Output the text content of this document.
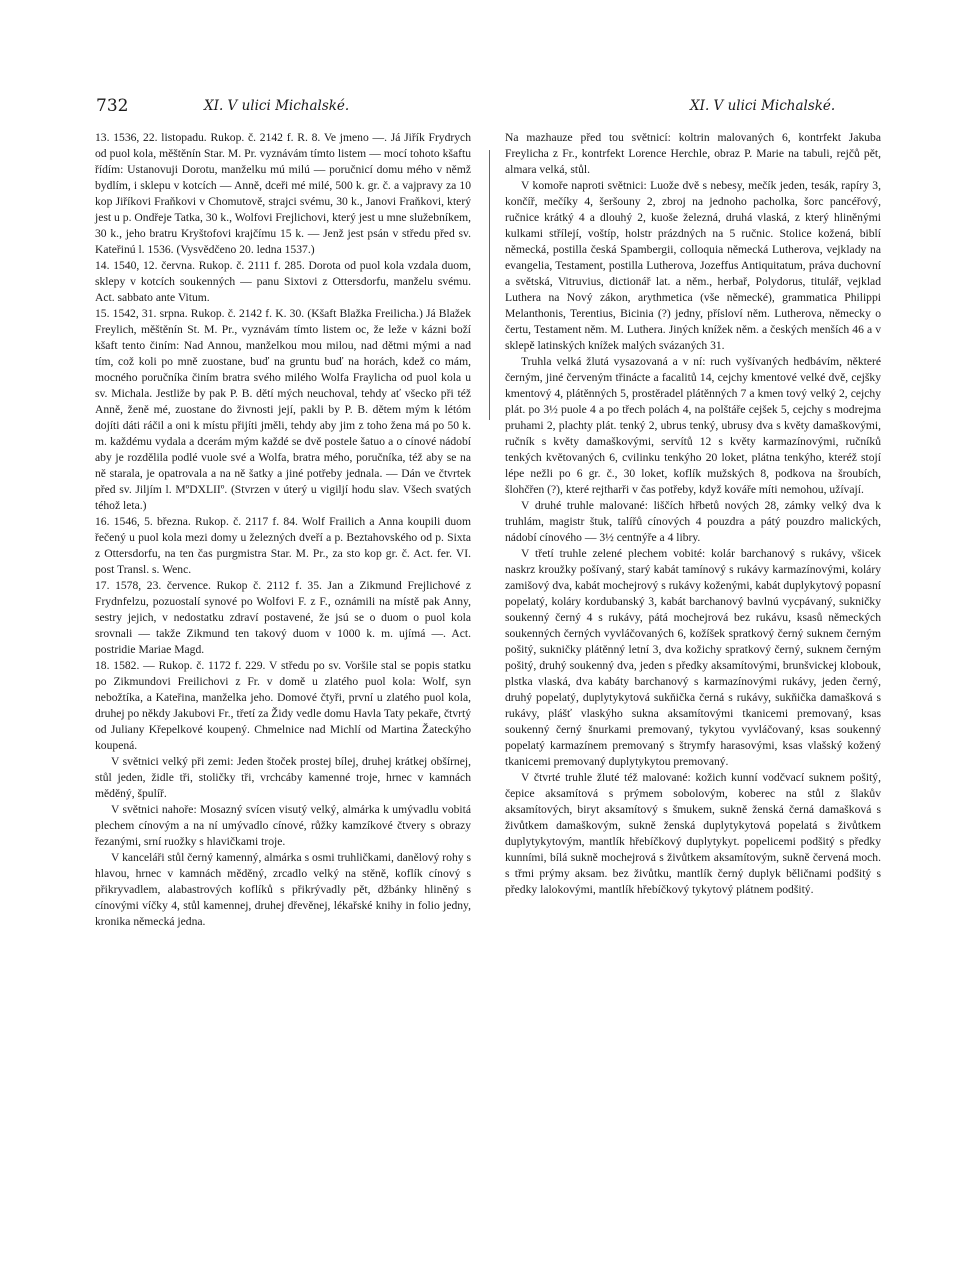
732	XI. V ulici Michalské.	XI. V ulici Michalské.

13. 1536, 22. listopadu. Rukop. č. 2142 f. R. 8. Ve jmeno —. Já Jiřík Frydrych od puol kola, měštěnín Star. M. Pr. vyznávám tímto listem — mocí tohoto kšaftu řídím: Ustanovuji Dorotu, manželku mú milú — poručnicí domu mého v němž bydlím, i sklepu v kotcích — Anně, dceři mé milé, 500 k. gr. č. a vajpravy za 10 kop Jiříkovi Fraňkovi v Chomutově, strajci svému, 30 k., Janovi Fraňkovi, který jest u p. Ondřeje Tatka, 30 k., Wolfovi Frejlichovi, který jest u mne služebníkem, 30 k., jeho bratru Kryštofovi krajčímu 15 k. — Jenž jest psán v středu před sv. Kateřinú l. 1536. (Vysvědčeno 20. ledna 1537.)

14. 1540, 12. června. Rukop. č. 2111 f. 285. Dorota od puol kola vzdala duom, sklepy v kotcích soukenných — panu Sixtovi z Ottersdorfu, manželu svému. Act. sabbato ante Vitum.

15. 1542, 31. srpna. Rukop. č. 2142 f. K. 30. (Kšaft Blažka Freilicha.) Já Blažek Freylich, měštěnín St. M. Pr., vyznávám tímto listem oc, že leže v kázni boží kšaft tento činím: Nad Annou, manželkou mou milou, nad dětmi mými a nad tím, což koli po mně zuostane, buď na gruntu buď na horách, kdež co mám, mocného poručníka činím bratra svého milého Wolfa Fraylicha od puol kola u sv. Michala. Jestliže by pak P. B. dětí mých neuchoval, tehdy ať všecko při též Anně, ženě mé, zuostane do živnosti její, pakli by P. B. dětem mým k létóm dojíti dáti ráčil a oni k místu přijíti jměli, tehdy aby jim z toho žena má po 50 k. m. každému vydala a dcerám mým každé se dvě postele šatuo a o cínové nádobí aby je rozdělila podlé vuole své a Wolfa, bratra mého, poručníka, též aby se na ně starala, je opatrovala a na ně šatky a jiné potřeby jednala. — Dán ve čtvrtek před sv. Jiljím l. MºDXLIIº. (Stvrzen v úterý u vigiljí hodu slav. Všech svatých téhož leta.)

16. 1546, 5. března. Rukop. č. 2117 f. 84. Wolf Frailich a Anna koupili duom řečený u puol kola mezi domy u železných dveří a p. Beztahovského od p. Sixta z Ottersdorfu, na ten čas purgmistra Star. M. Pr., za sto kop gr. č. Act. fer. VI. post Transl. s. Wenc.

17. 1578, 23. července. Rukop č. 2112 f. 35. Jan a Zikmund Frejlichové z Frydnfelzu, pozuostalí synové po Wolfovi F. z F., oznámili na místě pak Anny, sestry jejich, v nedostatku zdraví postavené, že jsú se o duom o puol kola srovnali — takže Zikmund ten takový duom v 1000 k. m. ujímá —. Act. postridie Mariae Magd.

18. 1582. — Rukop. č. 1172 f. 229. V středu po sv. Voršile stal se popis statku po Zikmundovi Freilichovi z Fr. v domě u zlatého puol kola: Wolf, syn nebožtíka, a Kateřina, manželka jeho. Domové čtyři, první u zlatého puol kola, druhej po někdy Jakubovi Fr., třetí za Židy vedle domu Havla Taty pekaře, čtvrtý od Juliany Křepelkové koupený. Chmelnice nad Michlí od Martina Žateckýho koupená.

V světnici velký při zemi: Jeden štoček prostej bílej, druhej krátkej obšírnej, stůl jeden, židle tři, stoličky tři, vrchcáby kamenné troje, hrnec v kamnách měděný, špulíř.

V světnici nahoře: Mosazný svícen visutý velký, almárka k umývadlu vobitá plechem cínovým a na ní umývadlo cínové, růžky kamzíkové čtvery s obrazy řezanými, srní ruožky s hlavičkami troje.

V kanceláři stůl černý kamenný, almárka s osmi truhličkami, danělový rohy s hlavou, hrnec v kamnách měděný, zrcadlo velký na stěně, koflík cínový s přikryvadlem, alabastrových koflíků s přikrývadly pět, džbánky hliněný s cínovými víčky 4, stůl kamennej, druhej dřevěnej, lékařské knihy in folio jedny, kronika německá jedna.

Na mazhauze před tou světnicí: koltrin malovaných 6, kontrfekt Jakuba Freylicha z Fr., kontrfekt Lorence Herchle, obraz P. Marie na tabuli, rejčů pět, almara velká, stůl.

V komoře naproti světnici: Luože dvě s nebesy, mečík jeden, tesák, rapíry 3, končíř, mečíky 4, šeršouny 2, zbroj na jednoho pacholka, šorc pancéřový, ručnice krátký 4 a dlouhý 2, kuoše železná, druhá vlaská, z který hliněnými kulkami střílejí, voštíp, holstr prázdných na 5 ručnic. Stolice kožená, biblí německá, postilla česká Spambergii, colloquia německá Lutherova, vejklady na evangelia, Testament, postilla Lutherova, Jozeffus Antiquitatum, práva duchovní a světská, Vitruvius, dictionář lat. a něm., herbař, Polydorus, titulář, vejklad Luthera na Nový zákon, arythmetica (vše německé), grammatica Philippi Melanthonis, Terentius, Bicinia (?) jedny, přísloví něm. Lutherova, německy o čertu, Testament něm. M. Luthera. Jiných knížek něm. a českých menších 46 a v sklepě latinských knížek malých svázaných 31.

Truhla velká žlutá vysazovaná a v ní: ruch vyšívaných hedbávím, některé černým, jiné červeným třinácte a facalitů 14, cejchy kmentové velké dvě, cejšky kmentový 4, plátěnných 5, prostěradel plátěnných 7 a kmen tový velký 2, cejchy plát. po 3½ puole 4 a po třech polách 4, na polštáře cejšek 5, cejchy s modrejma pruhami 2, plachty plát. tenký 2, ubrus tenký, ubrusy dva s květy damaškovými, ručník s květy damaškovými, servítů 12 s květy karmazínovými, ručníků tenkých květovaných 6, cvilinku tenkýho 20 loket, plátna tenkýho, kteréž stojí lépe nežli po 6 gr. č., 30 loket, koflík mužských 8, podkova na šroubích, šlohčřen (?), které rejtharři v čas potřeby, když kováře míti nemohou, užívají.

V druhé truhle malované: liščích hřbetů nových 28, zámky velký dva k truhlám, magistr štuk, talířů cínových 4 pouzdra a pátý pouzdro malických, nádobí cínového — 3½ centnýře a 4 libry.

V třetí truhle zelené plechem vobité: kolár barchanový s rukávy, všicek naskrz kroužky pošívaný, starý kabát tamínový s rukávy karmazínovými, koláry zamišový dva, kabát mochejrový s rukávy koženými, kabát duplykytový popasní popelatý, koláry kordubanský 3, kabát barchanový bavlnú vycpávaný, sukničky soukenný černý 4 s rukávy, pátá mochejrová bez rukávu, ksasů německých soukenných černých vyvláčovaných 6, kožíšek spratkový černý suknem černým pošitý, sukničky plátěnný letní 3, dva kožichy spratkový černý, suknem černým pošitý, druhý soukenný dva, jeden s předky aksamítovými, brunšvickej klobouk, plstka vlaská, dva kabáty barchanový s karmazínovými rukávy, jeden černý, druhý popelatý, duplytykytová sukňička černá s rukávy, sukňička damašková s rukávy, plášť vlaskýho sukna aksamítovými tkanicemi premovaný, ksas soukenný černý šnurkami premovaný, tykytou vyvláčovaný, ksas soukenný popelatý karmazínem premovaný s štrymfy harasovými, ksas vlašský kožený tkanicemi premovaný duplytykytou premovaný.

V čtvrté truhle žluté též malované: kožich kunní vodčvací suknem pošitý, čepice aksamítová s prýmem sobolovým, koberec na stůl z šlakův aksamítových, biryt aksamítový s šmukem, sukně ženská černá damašková s živůtkem damaškovým, sukně ženská duplytykytová popelatá s živůtkem duplytykytovým, mantlík hřebíčkový duplytykyt. popelicemi podšitý s předky kunními, bílá sukně mochejrová s živůtkem aksamítovým, sukně červená moch. s třmi prýmy aksam. bez živůtku, mantlík černý duplyk běličnami podšitý s předky lalokovými, mantlík hřebíčkový tykytový plátnem podšitý.
